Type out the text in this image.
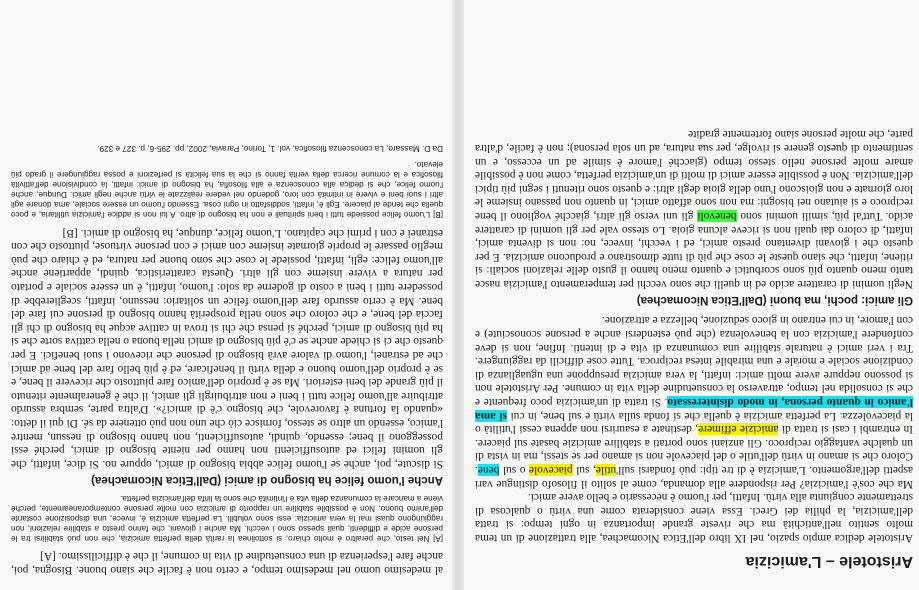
Aristotele – L'amicizia

Aristotele dedica ampio spazio, nel IX libro dell'Etica Nicomachea, alla trattazione di un tema molto sentito nell'antichità ma che riveste grande importanza in ogni tempo: si tratta dell'amicizia, la philia dei Greci. Essa viene considerata come una virtù o qualcosa di strettamente congiunta alla virtù. Infatti, per l'uomo è necessario e bello avere amici.

Ma che cos'è l'amicizia? Per rispondere alla domanda, come al solito il filosofo distingue vari aspetti dell'argomento. L'amicizia è di tre tipi: può fondarsi sull'utile, sul piacevole o sul bene. Coloro che si amano in virtù dell'utile o del piacevole non si amano per se stessi, ma in vista di un qualche vantaggio reciproco. Gli anziani sono portati a stabilire amicizie basate sul piacere. In entrambi i casi si tratta di amicizie effimere, destinate a esaurirsi non appena cessi l'utilità o la piacevolezza. La perfetta amicizia è quella che si fonda sulla virtù e sul bene, in cui si ama l'amico in quanto persona, in modo disinteressato. Si tratta di un'amicizia poco frequente e che si consolida nel tempo, attraverso la consuetudine della vita in comune. Per Aristotele non si possono neppure avere molti amici: infatti, la vera amicizia presuppone una uguaglianza di condizione sociale e morale e una mirabile intesa reciproca. Tutte cose difficili da raggiungere. Tra i veri amici è naturale stabilire una comunanza di vita e di intenti. Infine, non si deve confondere l'amicizia con la benevolenza (che può estendersi anche a persone sconosciute) e con l'amore, in cui entrano in gioco seduzione, bellezza e attrazione.

Gli amici: pochi, ma buoni (Dall'Etica Nicomachea)

Negli uomini di carattere acido ed in quelli che sono vecchi per temperamento l'amicizia nasce tanto meno quanto più sono scorbutici e quanto meno hanno il gusto delle relazioni sociali: si ritiene, infatti, che siano queste le cose che più di tutte dimostrano e producono amicizia. E per questo che i giovani diventano presto amici, ed i vecchi, invece, no: non si diventa amici, infatti, di coloro dai quali non si riceve alcuna gioia. Lo stesso vale per gli uomini di carattere acido. Tutt'al più, simili uomini sono benevoli gli uni verso gli altri, giacché vogliono il bene reciproco e si aiutano nei bisogni: ma non sono affatto amici, in quanto non passano insieme le loro giornate e non gioiscono l'uno della gioia degli altri: e questo sono ritenuti i segni più tipici dell'amicizia. Non è possibile essere amici di molti di un'amicizia perfetta, come non è possibile amare molte persone nello stesso tempo (giacché l'amore è simile ad un eccesso, e un sentimento di questo genere si rivolge, per sua natura, ad un sola persona); non è facile, d'altra parte, che molte persone siano fortemente gradite

al medesimo uomo nel medesimo tempo, e certo non è facile che siano buone. Bisogna, poi, anche fare l'esperienza di una consuetudine di vita in comune, il che è difficilissimo. [A]

[A] Nel testo, che peraltro è molto chiaro, si sottolinea la rarità della perfetta amicizia, che non può stabilirsi tra le persone acide e diffidenti, quali spesso sono i vecchi. Ma anche i giovani, che fanno presto a stabilire relazioni, non raggiungono quasi mai la vera amicizia: essi sono volubili. La perfetta amicizia è, invece, una disposizione costante dell'animo buono. Non è possibile stabilire un rapporto di amicizia con molte persone contemporaneamente, perché viene a mancare la comunanza della vita e l'intimità che sono la linfa dell'amicizia perfetta.

Anche l'uomo felice ha bisogno di amici (Dall'Etica Nicomachea)

Si discute, poi, anche se l'uomo felice abbia bisogno di amici, oppure no. Si dice, infatti, che gli uomini felici ed autosufficienti non hanno per niente bisogno di amici, perché essi posseggono il bene; essendo, quindi, autosufficienti, non hanno bisogno di nessun, mentre l'amico, essendo un altro se stesso, fornisce ciò che uno non può ottenere da sé. Di qui il detto: «quando la fortuna è favorevole, che bisogno c'è di amici?». D'altra parte, sembra assurdo attribuire all'uomo felice tutti i beni e non attribuirgli gli amici, il che è generalmente ritenuto il più grande dei beni esteriori. Ma se è proprio dell'amico fare piuttosto che ricevere il bene, e se è proprio dell'uomo buono e della virtù il beneficare, ed è più bello fare del bene ad amici che ad estranei, l'uomo di valore avrà bisogno di persone che ricevono i suoi benefici. E per questo che ci si chiede anche se c'è più bisogno di amici nella buona o nella cattiva sorte che si ha più bisogno di amici, perché si pensa che chi si trova in cattive acque ha bisogno di chi gli faccia del bene, e che coloro che sono nella prosperità hanno bisogno di persone cui fare del bene. Ma è certo assurdo fare dell'uomo felice un solitario: nessuno, infatti, sceglierebbe di possedere tutti i beni a costo di goderne da solo: l'uomo, infatti, è un essere sociale e portato per natura a vivere insieme con gli altri. Questa caratteristica, quindi, appartiene anche all'uomo felice: egli, infatti, possiede le cose che sono buone per natura, ed è chiaro che può meglio passare le proprie giornate insieme con amici e con persone virtuose, piuttosto che con estranei e con i primi che capitano. L'uomo felice, dunque, ha bisogno di amici. [B]

[B] L'uomo felice possiede tutti i beni spirituali e non ha bisogno di altro. A lui non si addice l'amicizia utilitaria, e poco quella che tende al piacere. Egli è, infatti, soddisfatto in ogni cosa. Essendo l'uomo un essere sociale, ama donare agli altri i suoi beni e vivere in intimità con loro, godendo nel vedere realizzate le virtù anche negli amici. Dunque, anche l'uomo felice, che si dedica alla conoscenza e alla filosofia, ha bisogno di amici: infatti, la condivisione dell'attività filosofica e la comune ricerca della verità fanno sì che la sua felicità si perfezioni e possa raggiungere il grado più elevato.

Da D. Massaro, La conoscenza filosofica, vol. 1, Torino, Paravia, 2002, pp. 295-6, p. 327 e 329.
